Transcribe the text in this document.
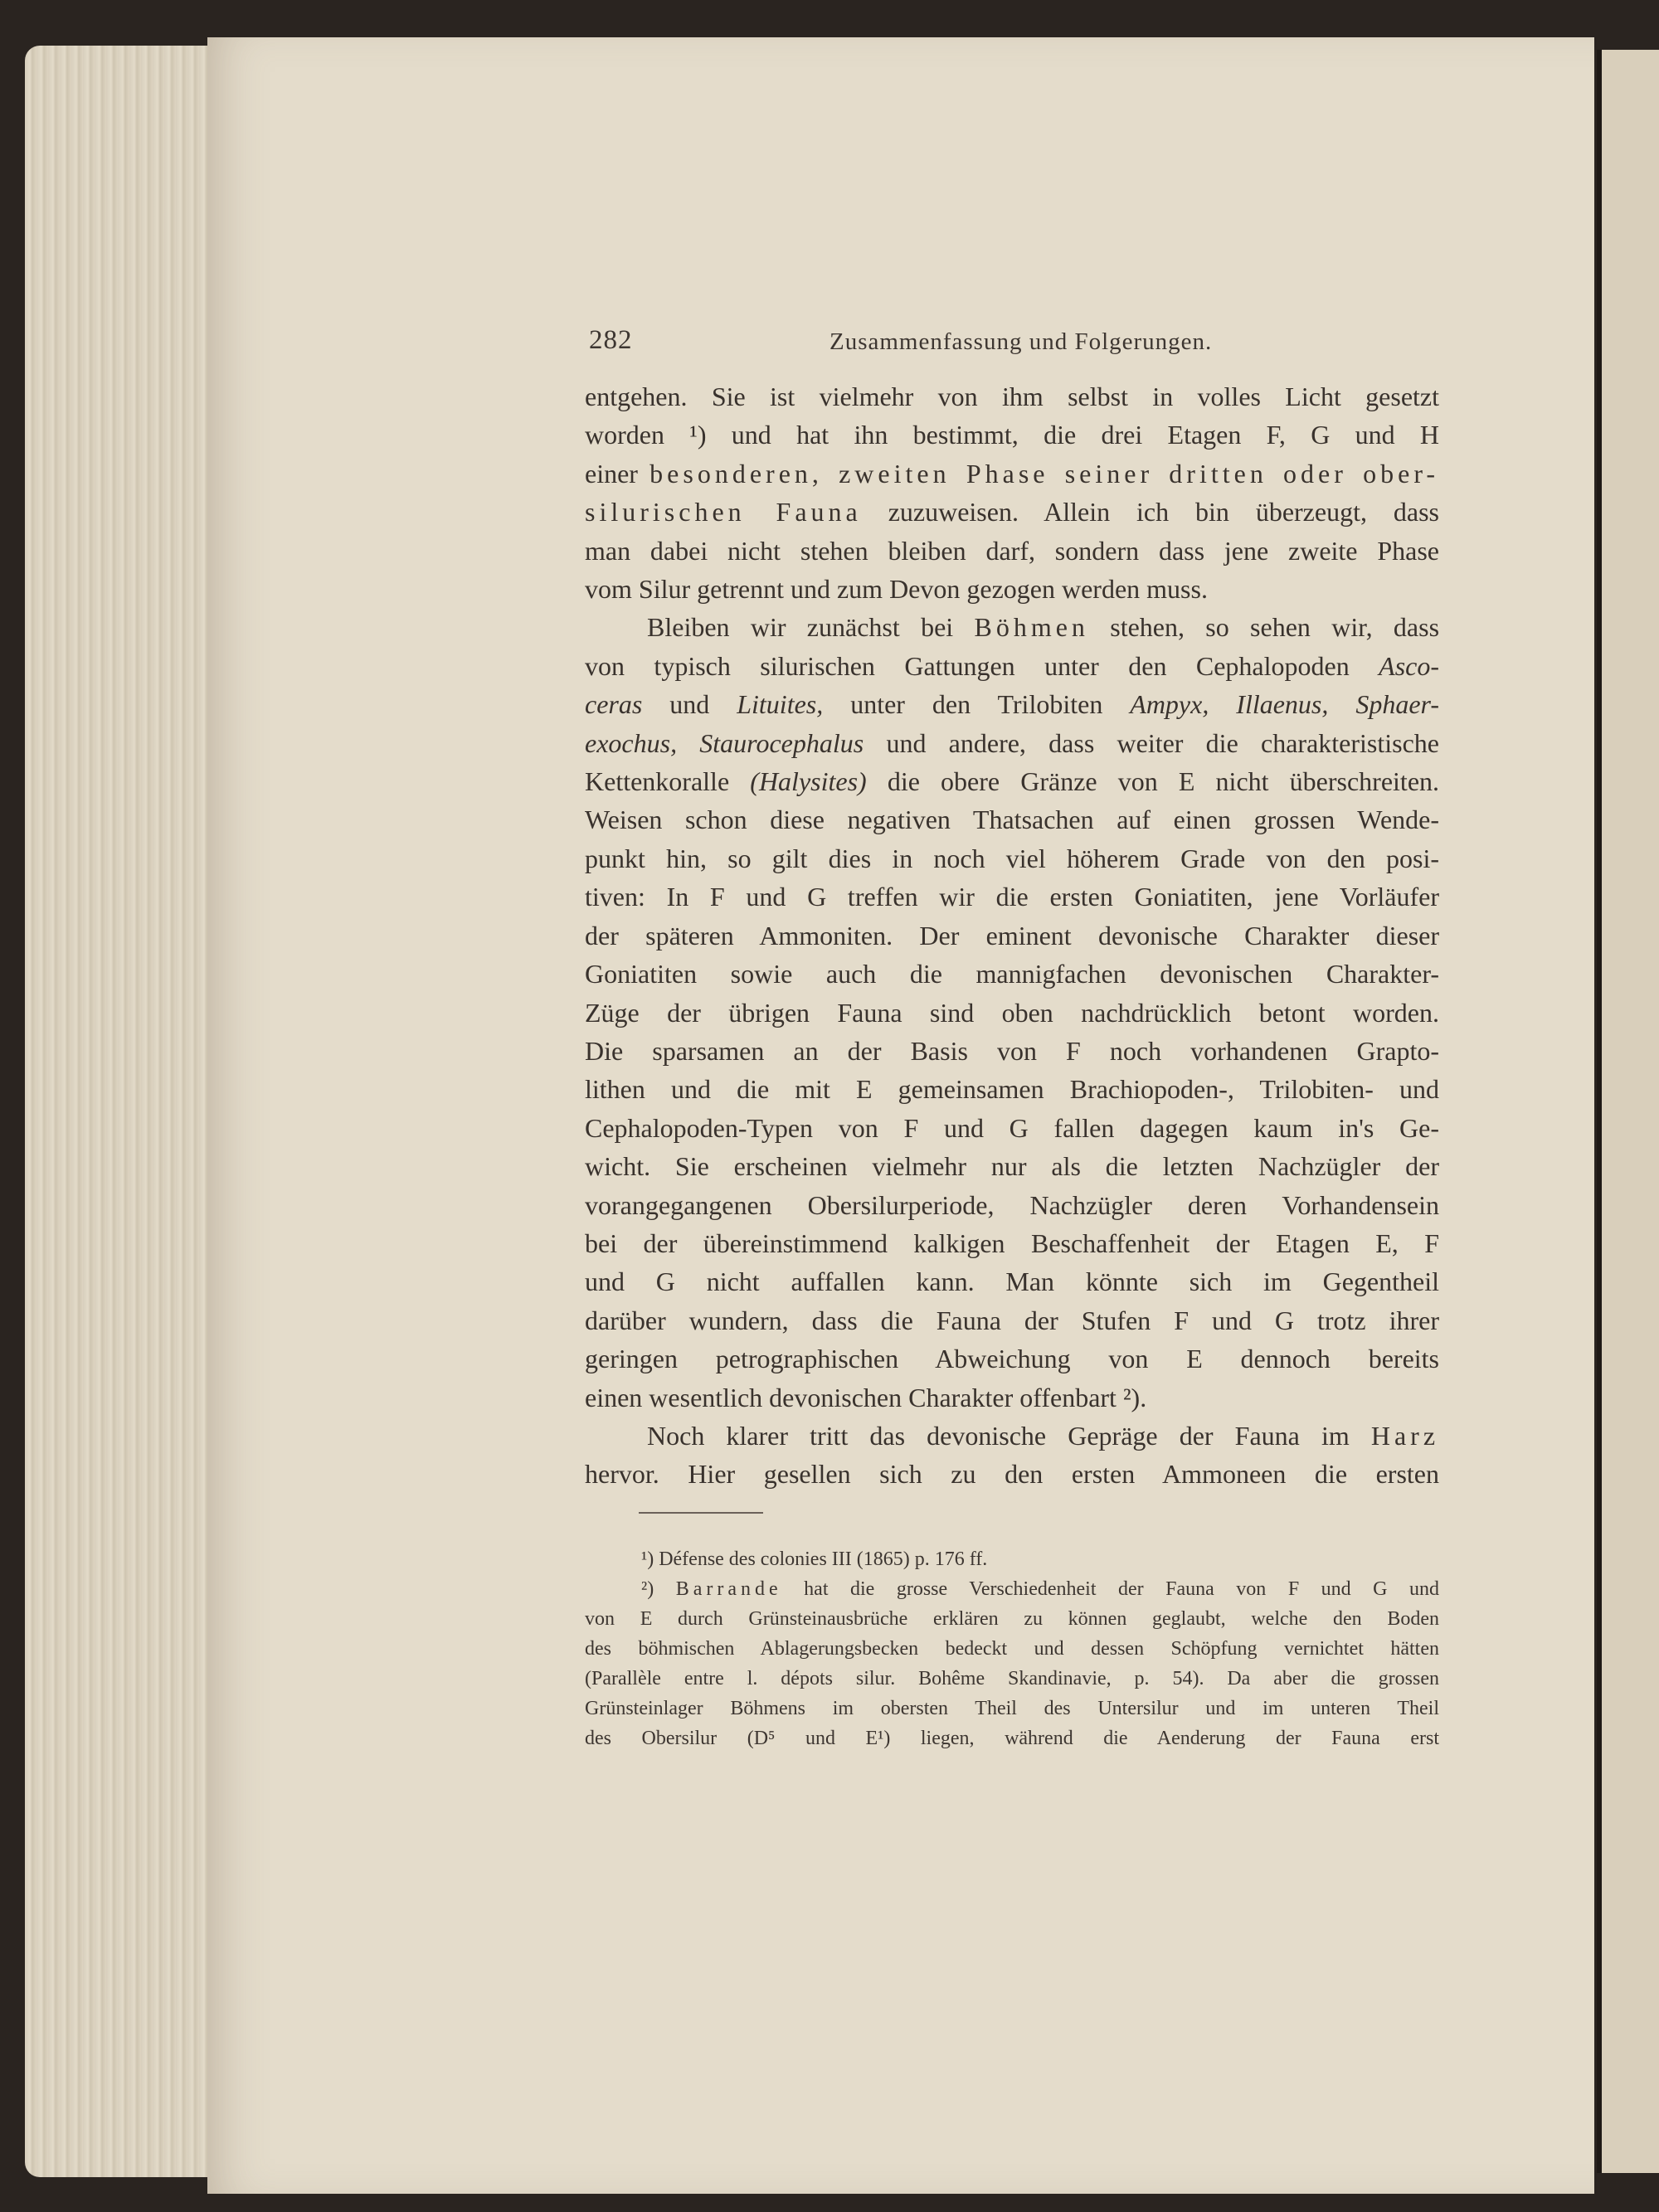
282	Zusammenfassung und Folgerungen.
entgehen. Sie ist vielmehr von ihm selbst in volles Licht gesetzt
worden ¹) und hat ihn bestimmt, die drei Etagen F, G und H
einer besonderen, zweiten Phase seiner dritten oder ober-
silurischen Fauna zuzuweisen. Allein ich bin überzeugt, dass
man dabei nicht stehen bleiben darf, sondern dass jene zweite Phase
vom Silur getrennt und zum Devon gezogen werden muss.
Bleiben wir zunächst bei Böhmen stehen, so sehen wir, dass
von typisch silurischen Gattungen unter den Cephalopoden Asco-
ceras und Lituites, unter den Trilobiten Ampyx, Illaenus, Sphaer-
exochus, Staurocephalus und andere, dass weiter die charakteristische
Kettenkoralle (Halysites) die obere Gränze von E nicht überschreiten.
Weisen schon diese negativen Thatsachen auf einen grossen Wende-
punkt hin, so gilt dies in noch viel höherem Grade von den posi-
tiven: In F und G treffen wir die ersten Goniatiten, jene Vorläufer
der späteren Ammoniten. Der eminent devonische Charakter dieser
Goniatiten sowie auch die mannigfachen devonischen Charakter-
Züge der übrigen Fauna sind oben nachdrücklich betont worden.
Die sparsamen an der Basis von F noch vorhandenen Grapto-
lithen und die mit E gemeinsamen Brachiopoden-, Trilobiten- und
Cephalopoden-Typen von F und G fallen dagegen kaum in's Ge-
wicht. Sie erscheinen vielmehr nur als die letzten Nachzügler der
vorangegangenen Obersilurperiode, Nachzügler deren Vorhandensein
bei der übereinstimmend kalkigen Beschaffenheit der Etagen E, F
und G nicht auffallen kann. Man könnte sich im Gegentheil
darüber wundern, dass die Fauna der Stufen F und G trotz ihrer
geringen petrographischen Abweichung von E dennoch bereits
einen wesentlich devonischen Charakter offenbart ²).
Noch klarer tritt das devonische Gepräge der Fauna im Harz
hervor. Hier gesellen sich zu den ersten Ammoneen die ersten
¹) Défense des colonies III (1865) p. 176 ff.
²) Barrande hat die grosse Verschiedenheit der Fauna von F und G und
von E durch Grünsteinausbrüche erklären zu können geglaubt, welche den Boden
des böhmischen Ablagerungsbecken bedeckt und dessen Schöpfung vernichtet hätten
(Parallèle entre l. dépots silur. Bohême Skandinavie, p. 54). Da aber die grossen
Grünsteinlager Böhmens im obersten Theil des Untersilur und im unteren Theil
des Obersilur (D⁵ und E¹) liegen, während die Aenderung der Fauna erst
